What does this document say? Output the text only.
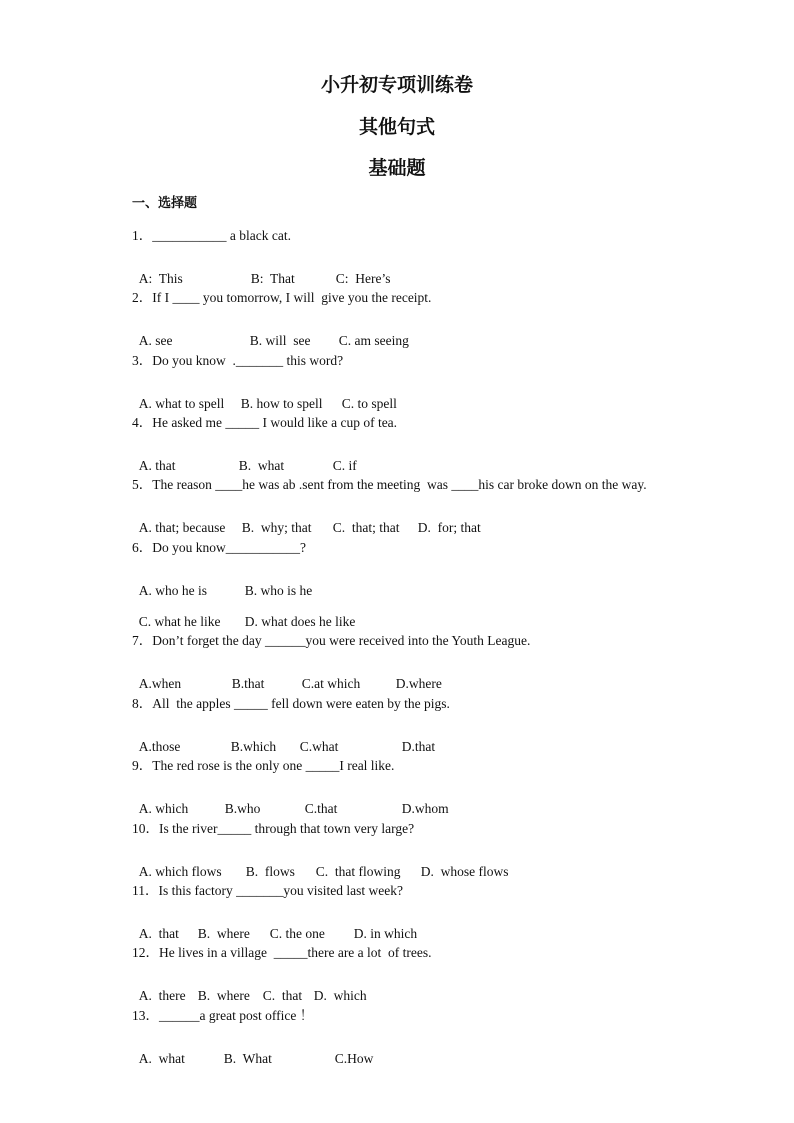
小升初专项训练卷
其他句式
基础题
一、选择题
1．___________ a black cat.

A:  This	B:  That	C:  Here’s

2．If I ____ you tomorrow, I will  give you the receipt.

A. see	B. will  see C. am seeing

3．Do you know  ._______ this word?

A. what to spell B. how to spell C. to spell

4．He asked me _____ I would like a cup of tea.

A. that	B.  what	C. if

5．The reason ____he was ab .sent from the meeting  was ____his car broke down on the way.

A. that; because B.  why; that C.  that; that D.  for; that

6．Do you know___________?

A. who he is	B. who is he

C. what he like D. what does he like

7．Don’t forget the day ______you were received into the Youth League.

A.when	B.that	C.at which	D.where

8．All  the apples _____ fell down were eaten by the pigs.

A.those	B.which C.what	D.that

9．The red rose is the only one _____I real like.

A. which	B.who	C.that	D.whom

10．Is the river_____ through that town very large?

A. which flows B.  flows C.  that flowing D.  whose flows

11．Is this factory _______you visited last week?

A.  that B.  where C. the one D. in which

12．He lives in a village  _____there are a lot  of trees.

A.  there B.  where C.  that D.  which

13．______a great post office ！

A.  what	B.  What	C.How
